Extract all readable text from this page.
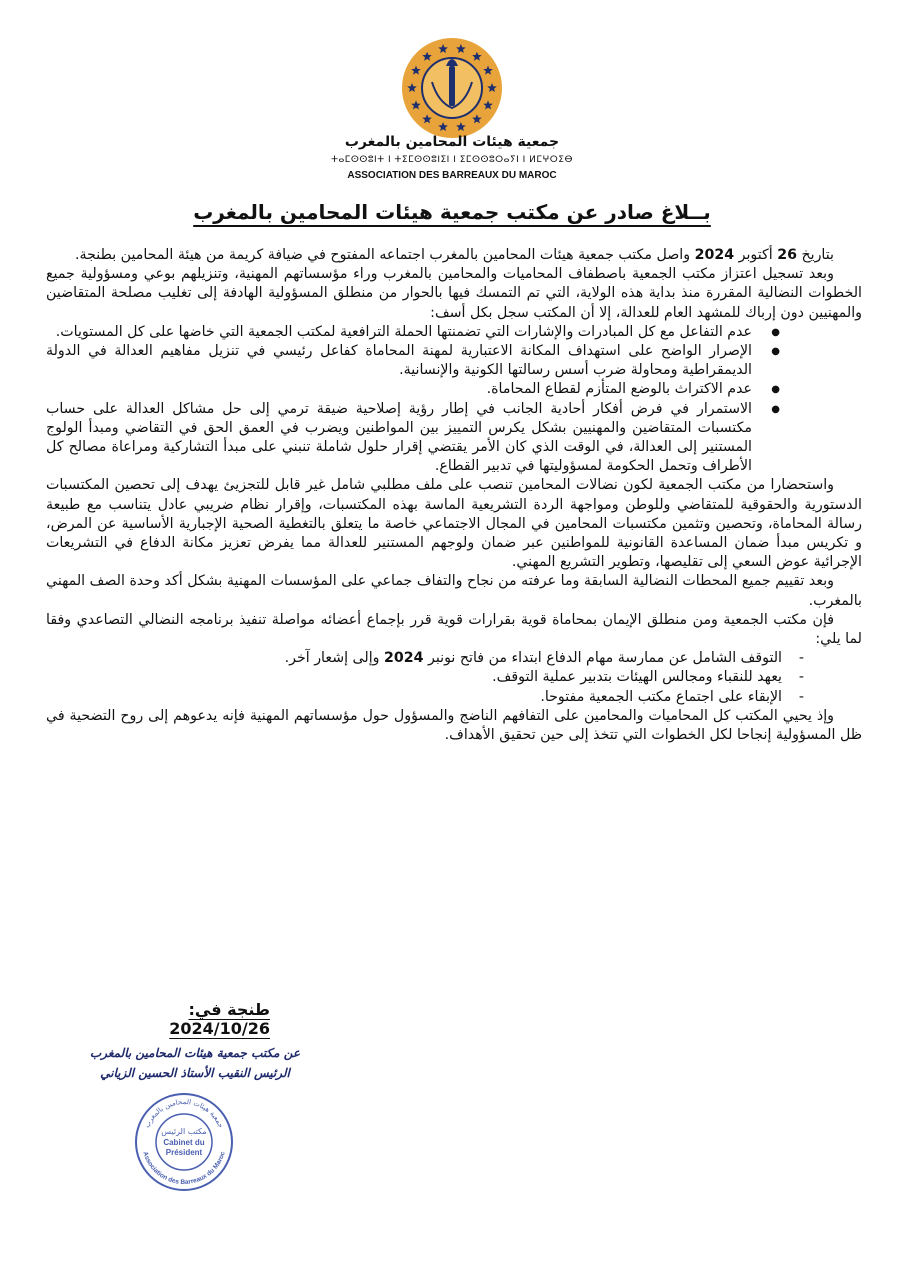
جمعية هيئات المحامين بالمغرب
ⵜⴰⵎⵙⵙⵓⵏⵜ ⵏ ⵜⵉⵎⵙⵙⵓⵏⵉⵏ ⵏ ⵉⵎⵙⵙⵓⵔⴰⵢⵏ ⵏ ⵍⵎⵖⵔⵉⴱ
ASSOCIATION DES BARREAUX DU MAROC
بــلاغ صادر عن مكتب جمعية هيئات المحامين بالمغرب

بتاريخ 26 أكتوبر 2024 واصل مكتب جمعية هيئات المحامين بالمغرب اجتماعه المفتوح في ضيافة كريمة من هيئة المحامين بطنجة.

وبعد تسجيل اعتزاز مكتب الجمعية باصطفاف المحاميات والمحامين بالمغرب وراء مؤسساتهم المهنية، وتنزيلهم بوعي ومسؤولية جميع الخطوات النضالية المقررة منذ بداية هذه الولاية، التي تم التمسك فيها بالحوار من منطلق المسؤولية الهادفة إلى تغليب مصلحة المتقاضين والمهنيين دون إرباك للمشهد العام للعدالة، إلا أن المكتب سجل بكل أسف:

● عدم التفاعل مع كل المبادرات والإشارات التي تضمنتها الحملة الترافعية لمكتب الجمعية التي خاضها على كل المستويات.
● الإصرار الواضح على استهداف المكانة الاعتبارية لمهنة المحاماة كفاعل رئيسي في تنزيل مفاهيم العدالة في الدولة الديمقراطية ومحاولة ضرب أسس رسالتها الكونية والإنسانية.
● عدم الاكتراث بالوضع المتأزم لقطاع المحاماة.
● الاستمرار في فرض أفكار أحادية الجانب في إطار رؤية إصلاحية ضيقة ترمي إلى حل مشاكل العدالة على حساب مكتسبات المتقاضين والمهنيين بشكل يكرس التمييز بين المواطنين ويضرب في العمق الحق في التقاضي ومبدأ الولوج المستنير إلى العدالة، في الوقت الذي كان الأمر يقتضي إقرار حلول شاملة تنبني على مبدأ التشاركية ومراعاة مصالح كل الأطراف وتحمل الحكومة لمسؤوليتها في تدبير القطاع.

واستحضارا من مكتب الجمعية لكون نضالات المحامين تنصب على ملف مطلبي شامل غير قابل للتجزيئ يهدف إلى تحصين المكتسبات الدستورية والحقوقية للمتقاضي وللوطن ومواجهة الردة التشريعية الماسة بهذه المكتسبات، وإقرار نظام ضريبي عادل يتناسب مع طبيعة رسالة المحاماة، وتحصين وتثمين مكتسبات المحامين في المجال الاجتماعي خاصة ما يتعلق بالتغطية الصحية الإجبارية الأساسية عن المرض، و تكريس مبدأ ضمان المساعدة القانونية للمواطنين عبر ضمان ولوجهم المستنير للعدالة مما يفرض تعزيز مكانة الدفاع في التشريعات الإجرائية عوض السعي إلى تقليصها، وتطوير التشريع المهني.

وبعد تقييم جميع المحطات النضالية السابقة وما عرفته من نجاح والتفاف جماعي على المؤسسات المهنية بشكل أكد وحدة الصف المهني بالمغرب.

فإن مكتب الجمعية ومن منطلق الإيمان بمحاماة قوية بقرارات قوية قرر بإجماع أعضائه مواصلة تنفيذ برنامجه النضالي التصاعدي وفقا لما يلي:

- التوقف الشامل عن ممارسة مهام الدفاع ابتداء من فاتح نونبر 2024 وإلى إشعار آخر.
- يعهد للنقباء ومجالس الهيئات بتدبير عملية التوقف.
- الإبقاء على اجتماع مكتب الجمعية مفتوحا.

وإذ يحيي المكتب كل المحاميات والمحامين على التفافهم الناضج والمسؤول حول مؤسساتهم المهنية فإنه يدعوهم إلى روح التضحية في ظل المسؤولية إنجاحا لكل الخطوات التي تتخذ إلى حين تحقيق الأهداف.

طنجة في: 2024/10/26
عن مكتب جمعية هيئات المحامين بالمغرب
الرئيس النقيب الأستاذ الحسين الزياني
جمعية هيئات المحامين بالمغرب
Association des Barreaux du Maroc
مكتب الرئيس
Cabinet du
Président
